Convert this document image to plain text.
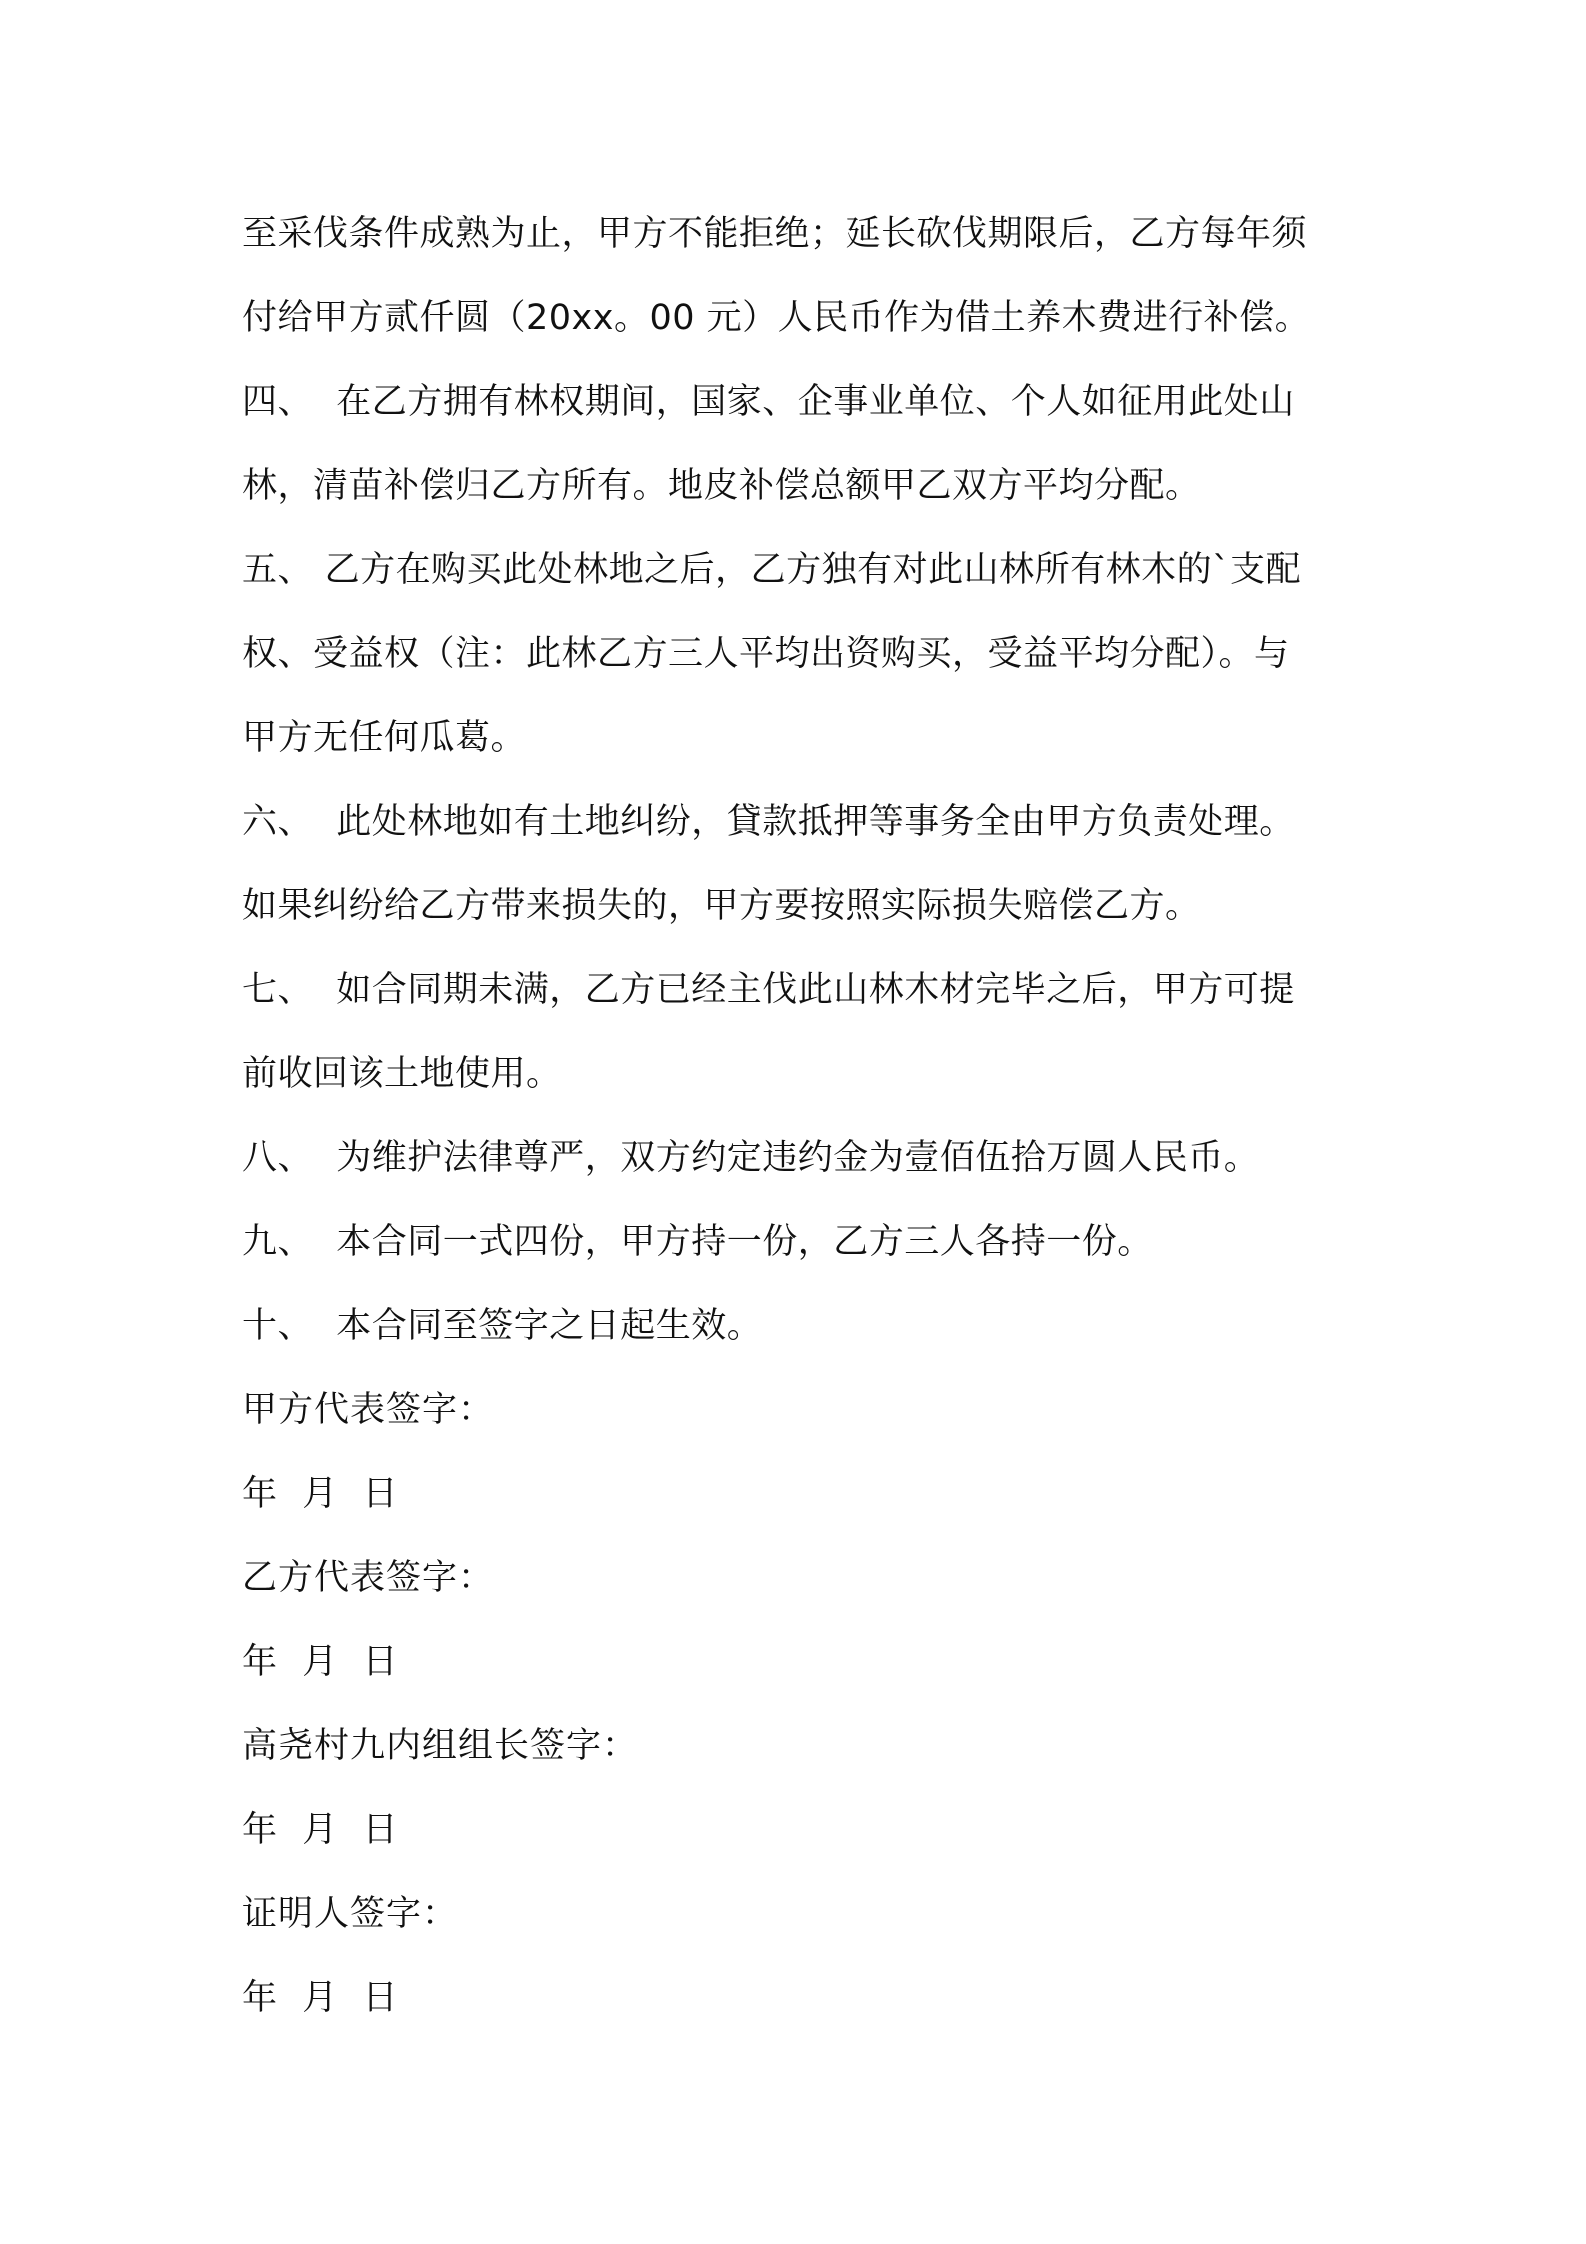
至采伐条件成熟为止，甲方不能拒绝；延长砍伐期限后，乙方每年须
付给甲方贰仟圆（20xx。00 元）人民币作为借土养木费进行补偿。
四、  在乙方拥有林权期间，国家、企事业单位、个人如征用此处山
林，清苗补偿归乙方所有。地皮补偿总额甲乙双方平均分配。
五、 乙方在购买此处林地之后，乙方独有对此山林所有林木的`支配
权、受益权（注：此林乙方三人平均出资购买，受益平均分配）。与
甲方无任何瓜葛。
六、  此处林地如有土地纠纷，貸款抵押等事务全由甲方负责处理。
如果纠纷给乙方带来损失的，甲方要按照实际损失赔偿乙方。
七、  如合同期未满，乙方已经主伐此山林木材完毕之后，甲方可提
前收回该土地使用。
八、  为维护法律尊严，双方约定违约金为壹佰伍拾万圆人民币。
九、  本合同一式四份，甲方持一份，乙方三人各持一份。
十、  本合同至签字之日起生效。
甲方代表签字：
年  月  日
乙方代表签字：
年  月  日
高尧村九内组组长签字：
年  月  日
证明人签字：
年  月  日
